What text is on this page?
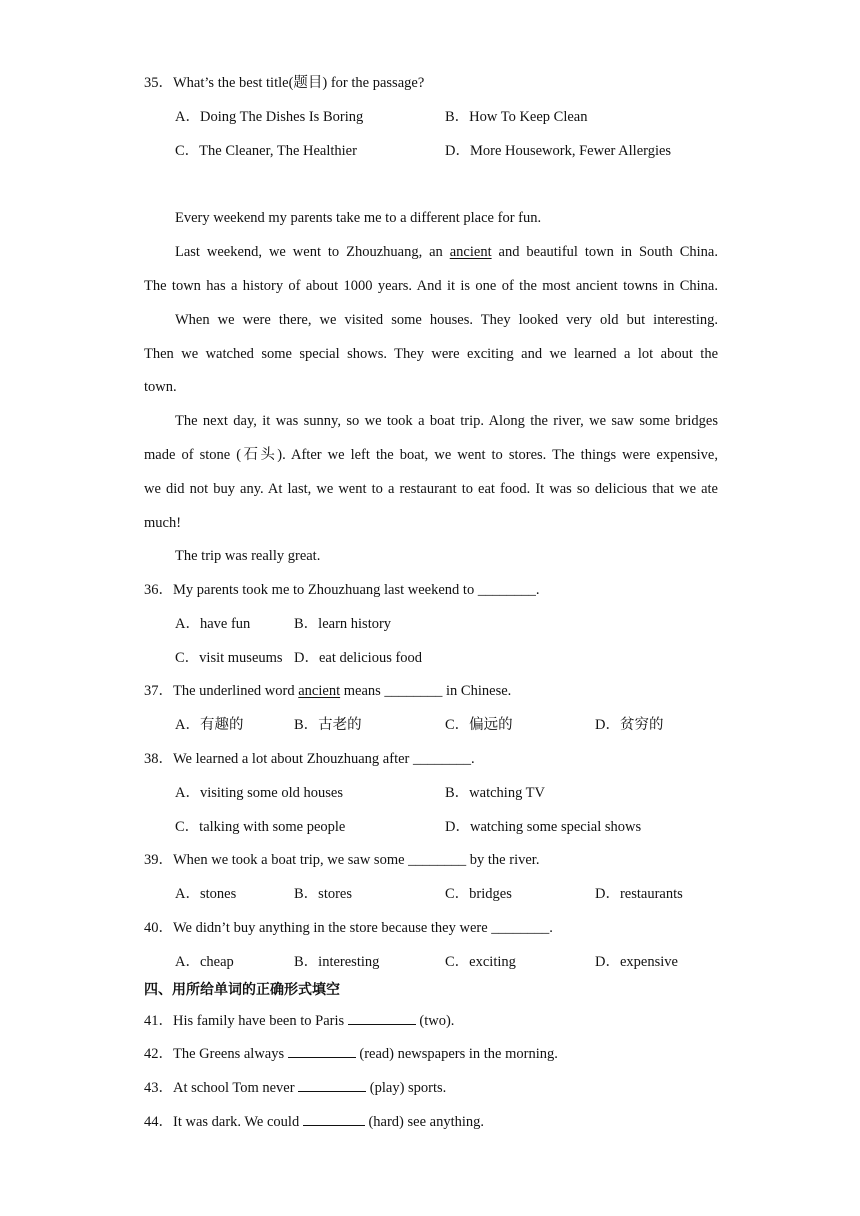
35．What’s the best title(题目) for the passage?
A．Doing The Dishes Is Boring	B．How To Keep Clean
C．The Cleaner, The Healthier	D．More Housework, Fewer Allergies
Every weekend my parents take me to a different place for fun.
Last weekend, we went to Zhouzhuang, an ancient and beautiful town in South China.
The town has a history of about 1000 years. And it is one of the most ancient towns in China.
When we were there, we visited some houses. They looked very old but interesting.
Then we watched some special shows. They were exciting and we learned a lot about the
town.
The next day, it was sunny, so we took a boat trip. Along the river, we saw some bridges
made of stone (石头). After we left the boat, we went to stores. The things were expensive,
we did not buy any. At last, we went to a restaurant to eat food. It was so delicious that we ate
much!
The trip was really great.
36．My parents took me to Zhouzhuang last weekend to ________.
A．have fun	B．learn history
C．visit museums D．eat delicious food
37．The underlined word ancient means ________ in Chinese.
A．有趣的	B．古老的	C．偏远的	D．贫穷的
38．We learned a lot about Zhouzhuang after ________.
A．visiting some old houses	B．watching TV
C．talking with some people	D．watching some special shows
39．When we took a boat trip, we saw some ________ by the river.
A．stones	B．stores	C．bridges	D．restaurants
40．We didn’t buy anything in the store because they were ________.
A．cheap	B．interesting	C．exciting	D．expensive
四、用所给单词的正确形式填空
41．His family have been to Paris	(two).
42．The Greens always	(read) newspapers in the morning.
43．At school Tom never	(play) sports.
44．It was dark. We could	(hard) see anything.
